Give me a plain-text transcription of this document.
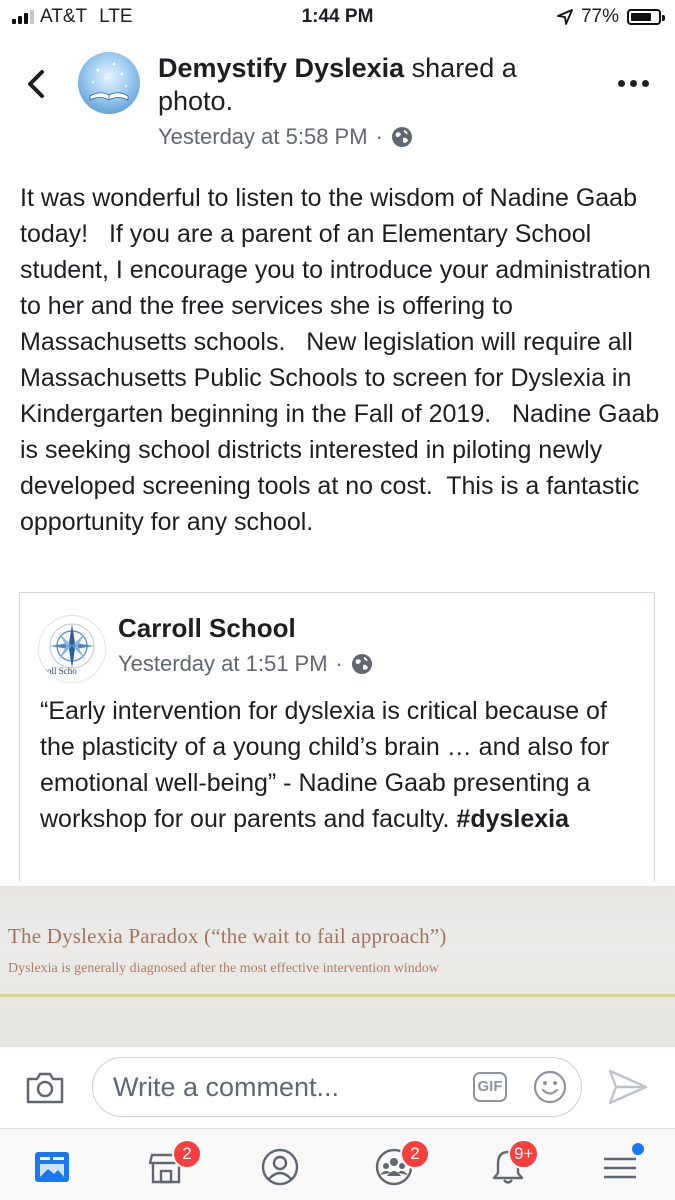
AT&T LTE	1:44 PM	77%
Demystify Dyslexia shared a photo.
Yesterday at 5:58 PM ·
It was wonderful to listen to the wisdom of Nadine Gaab today!   If you are a parent of an Elementary School student, I encourage you to introduce your administration to her and the free services she is offering to Massachusetts schools.   New legislation will require all Massachusetts Public Schools to screen for Dyslexia in Kindergarten beginning in the Fall of 2019.   Nadine Gaab is seeking school districts interested in piloting newly developed screening tools at no cost.  This is a fantastic opportunity for any school.
rroll Scho
Carroll School
Yesterday at 1:51 PM ·
“Early intervention for dyslexia is critical because of the plasticity of a young child’s brain … and also for emotional well-being” - Nadine Gaab presenting a workshop for our parents and faculty. #dyslexia
The Dyslexia Paradox (“the wait to fail approach”)
Dyslexia is generally diagnosed after the most effective intervention window
Write a comment...	GIF
2	2	9+
